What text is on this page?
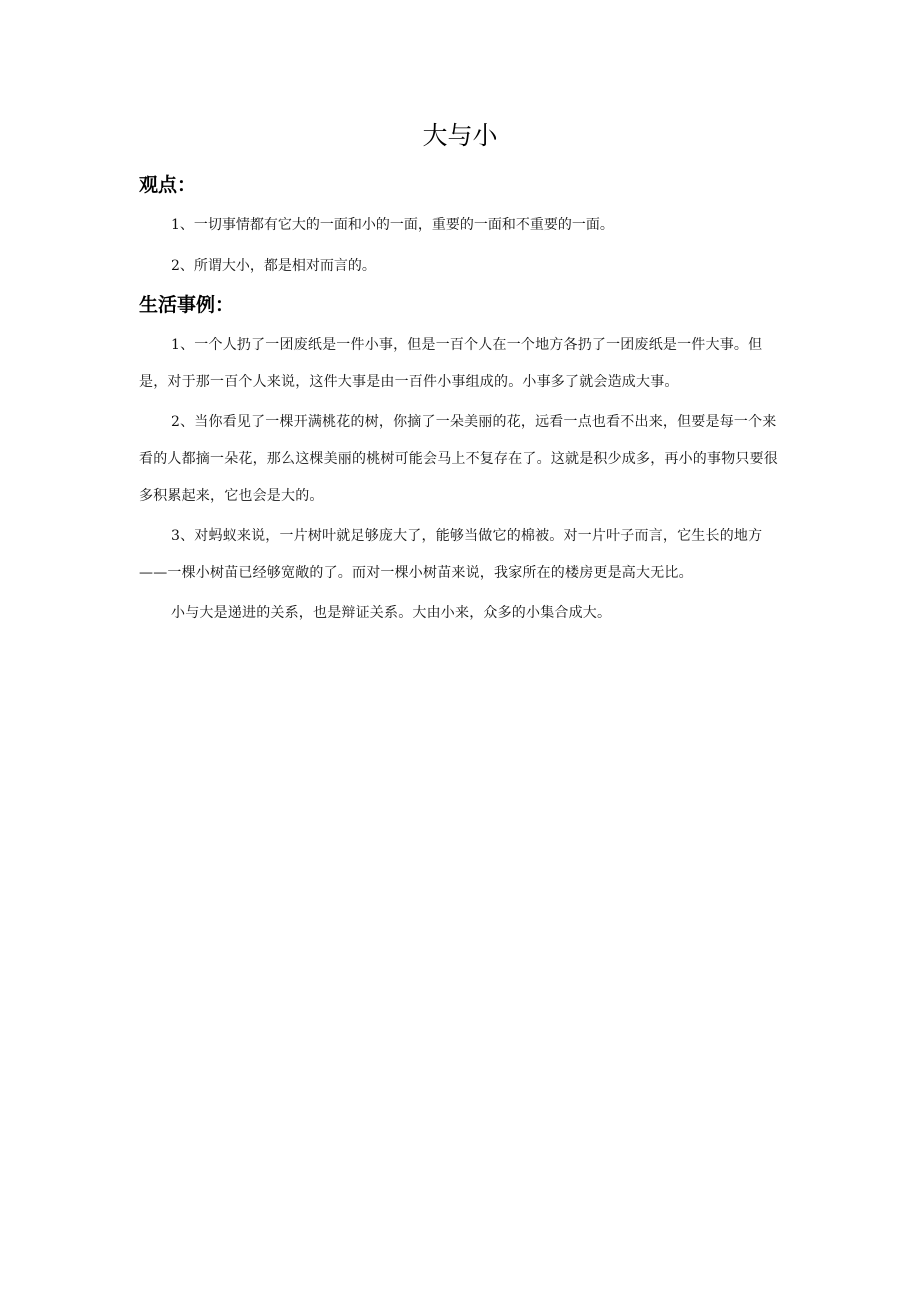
大与小
观点：

1、一切事情都有它大的一面和小的一面，重要的一面和不重要的一面。

2、所谓大小，都是相对而言的。

生活事例：

1、一个人扔了一团废纸是一件小事，但是一百个人在一个地方各扔了一团废纸是一件大事。但是，对于那一百个人来说，这件大事是由一百件小事组成的。小事多了就会造成大事。

2、当你看见了一棵开满桃花的树，你摘了一朵美丽的花，远看一点也看不出来，但要是每一个来看的人都摘一朵花，那么这棵美丽的桃树可能会马上不复存在了。这就是积少成多，再小的事物只要很多积累起来，它也会是大的。

3、对蚂蚁来说，一片树叶就足够庞大了，能够当做它的棉被。对一片叶子而言，它生长的地方——一棵小树苗已经够宽敞的了。而对一棵小树苗来说，我家所在的楼房更是高大无比。

小与大是递进的关系，也是辩证关系。大由小来，众多的小集合成大。
